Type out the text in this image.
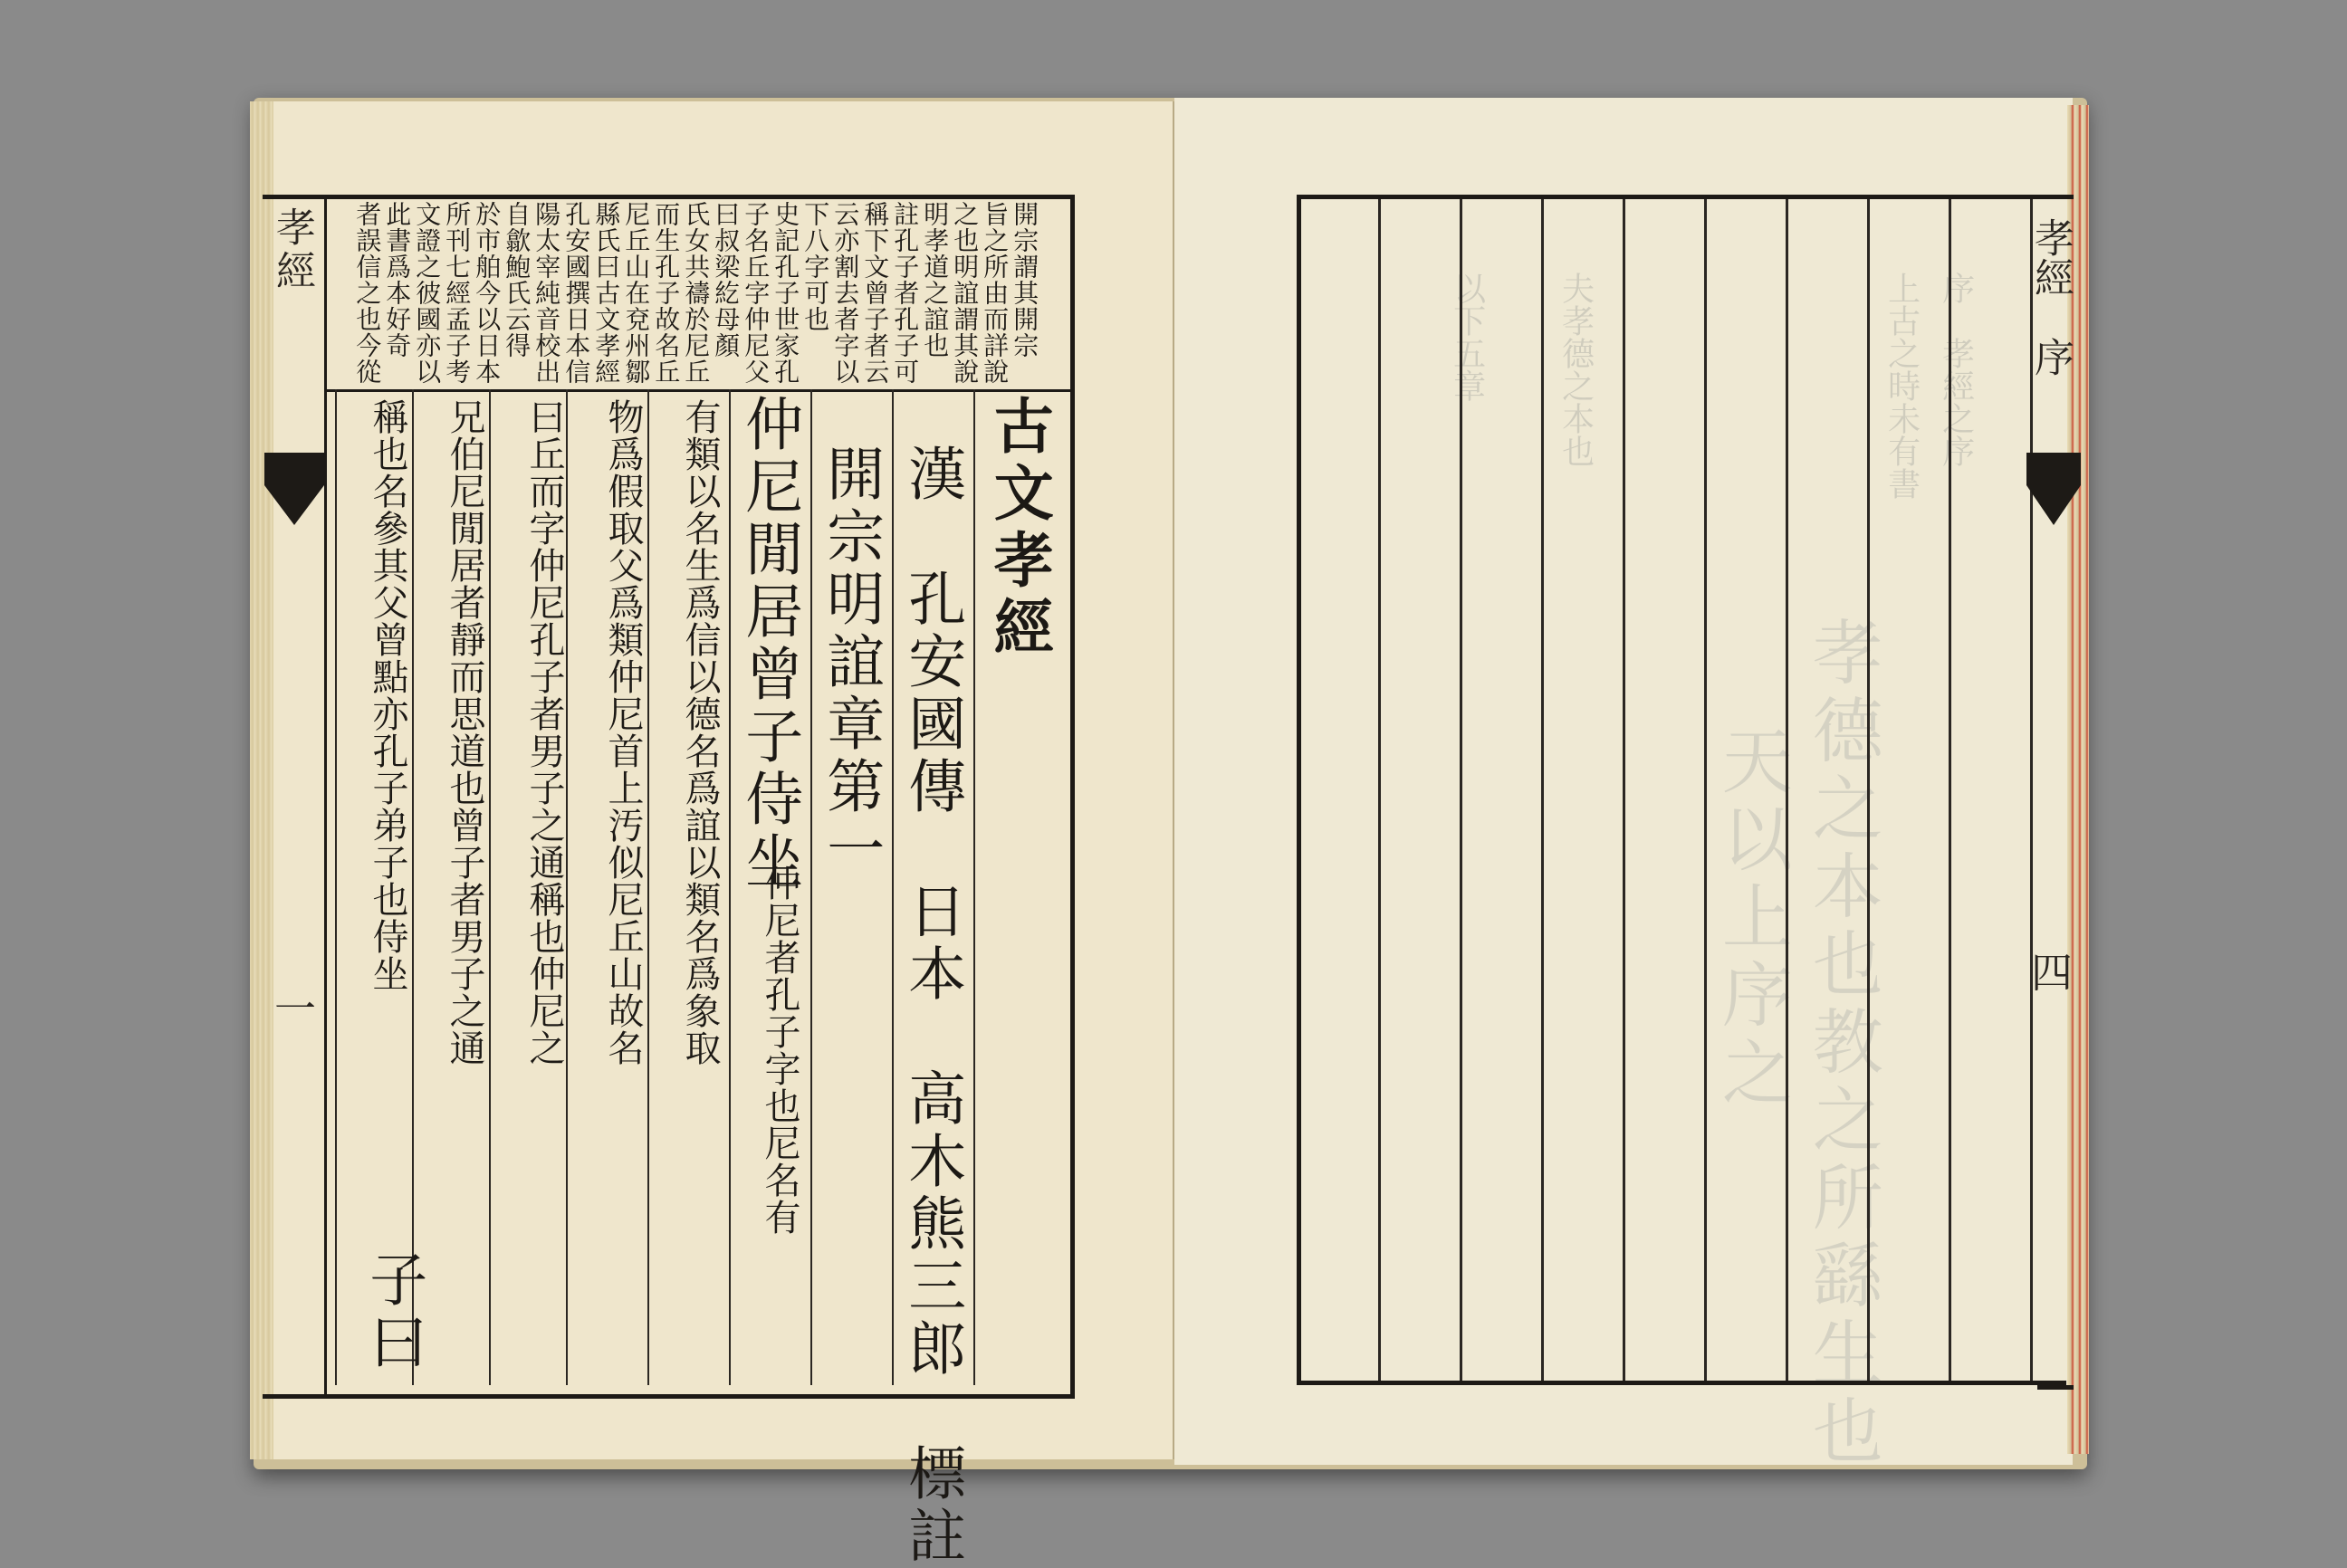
孝經
一
開宗謂其開宗
旨之所由而詳說
之也明誼謂其說
明孝道之誼也
註孔子者孔子可
稱下文曾子者云
云亦割去者字以
下八字可也
史記孔子世家孔
子名丘字仲尼父
曰叔梁紇母顏
氏女共禱於尼丘
而生孔子故名丘
尼丘山在兗州鄒
縣氏曰古文孝經
孔安國撰日本信
陽太宰純音校出
自歙鮑氏云得
於市舶今以日本
所刊七經孟子考
文證之彼國亦以
此書爲本好奇
者誤信之也今從
古文孝經
漢　孔安國傳　日本　高木熊三郎　標註
開宗明誼章第一
仲尼閒居曾子侍坐
仲尼者孔子字也尼名有
有類以名生爲信以德名爲誼以類名爲象取
物爲假取父爲類仲尼首上汚似尼丘山故名
曰丘而字仲尼孔子者男子之通稱也仲尼之
兄伯尼閒居者靜而思道也曾子者男子之通
稱也名參其父曾點亦孔子弟子也侍坐
子曰	孝德之本也教之所繇生也
天以上序之
序　孝經之序
上古之時未有書
夫孝德之本也
以下五章	孝經　序
四
